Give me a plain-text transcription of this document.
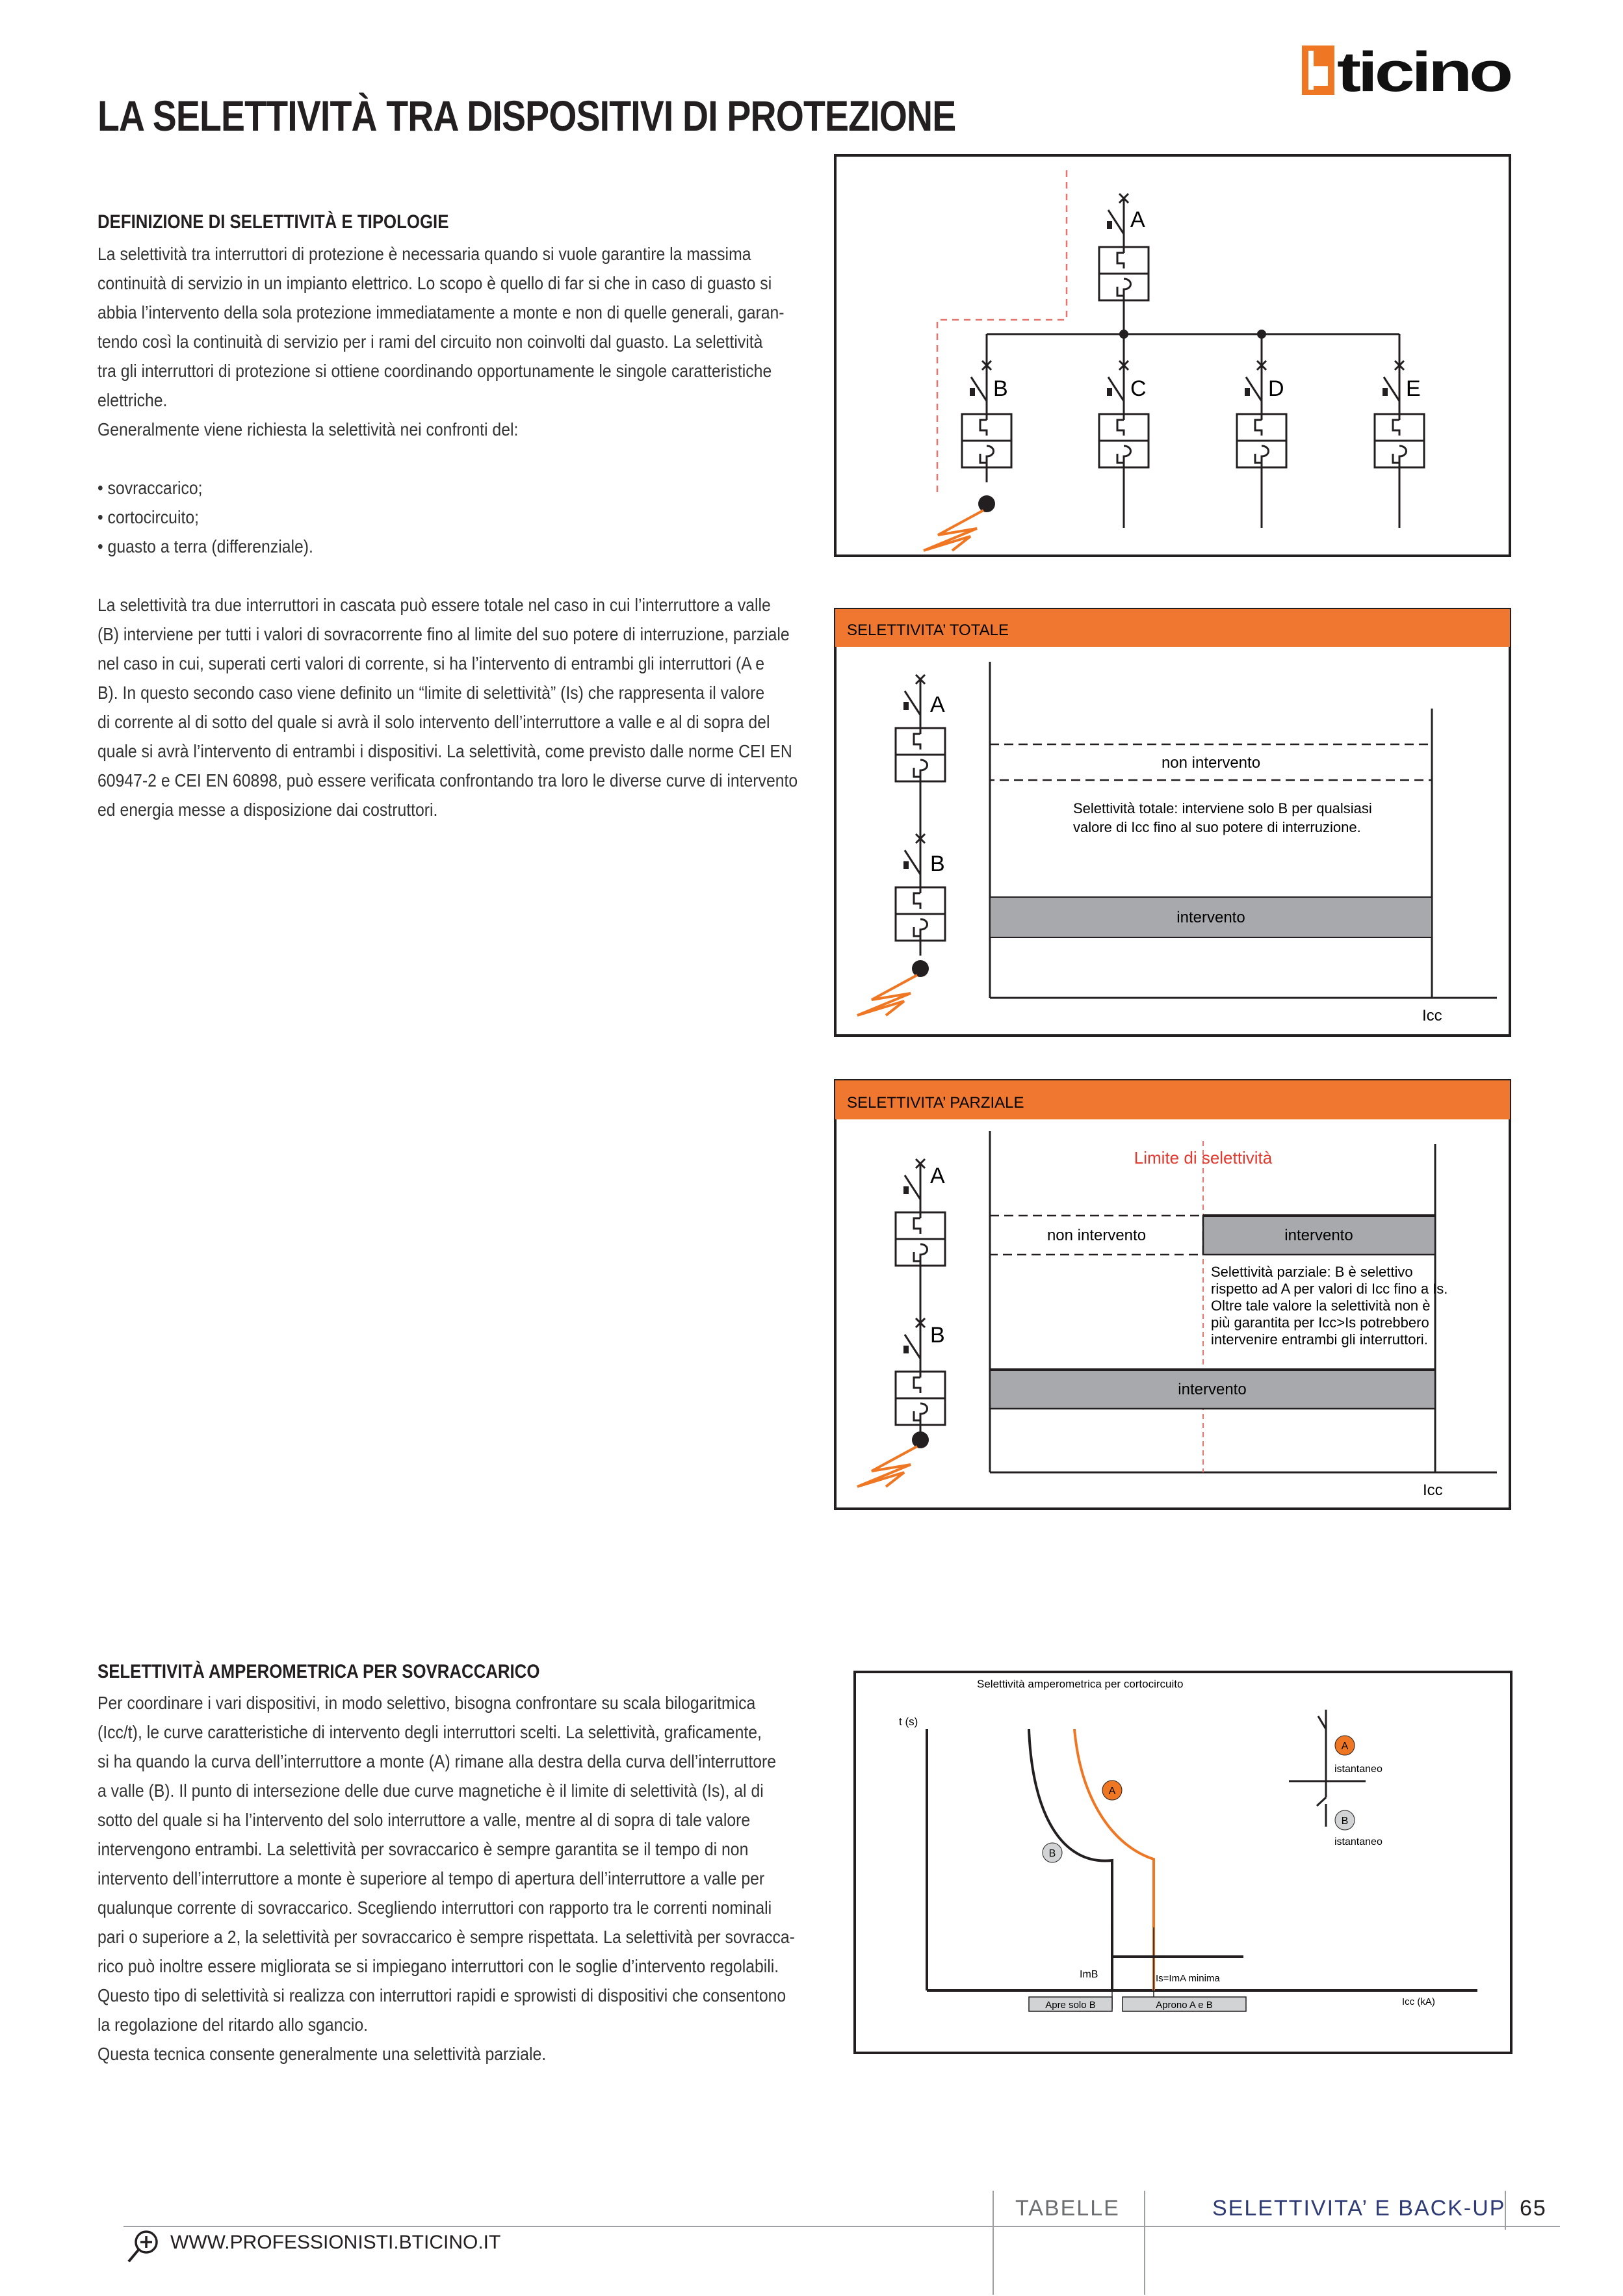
ticino
LA SELETTIVITÀ TRA DISPOSITIVI DI PROTEZIONE
DEFINIZIONE DI SELETTIVITÀ E TIPOLOGIE

La selettività tra interruttori di protezione è necessaria quando si vuole garantire la massima

continuità di servizio in un impianto elettrico. Lo scopo è quello di far si che in caso di guasto si

abbia l’intervento della sola protezione immediatamente a monte e non di quelle generali, garan-

tendo così la continuità di servizio per i rami del circuito non coinvolti dal guasto. La selettività

tra gli interruttori di protezione si ottiene coordinando opportunamente le singole caratteristiche

elettriche.

Generalmente viene richiesta la selettività nei confronti del:

• sovraccarico;

• cortocircuito;

• guasto a terra (differenziale).

La selettività tra due interruttori in cascata può essere totale nel caso in cui l’interruttore a valle

(B) interviene per tutti i valori di sovracorrente fino al limite del suo potere di interruzione, parziale

nel caso in cui, superati certi valori di corrente, si ha l’intervento di entrambi gli interruttori (A e

B). In questo secondo caso viene definito un “limite di selettività” (Is) che rappresenta il valore

di corrente al di sotto del quale si avrà il solo intervento dell’interruttore a valle e al di sopra del

quale si avrà l’intervento di entrambi i dispositivi. La selettività, come previsto dalle norme CEI EN

60947-2 e CEI EN 60898, può essere verificata confrontando tra loro le diverse curve di intervento

ed energia messe a disposizione dai costruttori.

SELETTIVITÀ AMPEROMETRICA PER SOVRACCARICO

Per coordinare i vari dispositivi, in modo selettivo, bisogna confrontare su scala bilogaritmica

(Icc/t), le curve caratteristiche di intervento degli interruttori scelti. La selettività, graficamente,

si ha quando la curva dell’interruttore a monte (A) rimane alla destra della curva dell’interruttore

a valle (B). Il punto di intersezione delle due curve magnetiche è il limite di selettività (Is), al di

sotto del quale si ha l’intervento del solo interruttore a valle, mentre al di sopra di tale valore

intervengono entrambi. La selettività per sovraccarico è sempre garantita se il tempo di non

intervento dell’interruttore a monte è superiore al tempo di apertura dell’interruttore a valle per

qualunque corrente di sovraccarico. Scegliendo interruttori con rapporto tra le correnti nominali

pari o superiore a 2, la selettività per sovraccarico è sempre rispettata. La selettività per sovracca-

rico può inoltre essere migliorata se si impiegano interruttori con le soglie d’intervento regolabili.

Questo tipo di selettività si realizza con interruttori rapidi e sprowisti di dispositivi che consentono

la regolazione del ritardo allo sgancio.

Questa tecnica consente generalmente una selettività parziale.

A
B	C	D	E
SELETTIVITA’ TOTALE
A
B
non intervento
Selettività totale: interviene solo B per qualsiasi
valore di Icc fino al suo potere di interruzione.
intervento
Icc
SELETTIVITA’ PARZIALE
A
B
Limite di selettività
non intervento	intervento
Selettività parziale: B è selettivo
rispetto ad A per valori di Icc fino a Is.
Oltre tale valore la selettività non è
più garantita per Icc>Is potrebbero
intervenire entrambi gli interruttori.
intervento
Icc
Selettività amperometrica per cortocircuito
t (s)
A
B
ImB	Is=ImA minima
Apre solo B	Aprono A e B	Icc (kA)
A
istantaneo
B
istantaneo
TABELLE	SELETTIVITA’ E BACK-UP 65
WWW.PROFESSIONISTI.BTICINO.IT
